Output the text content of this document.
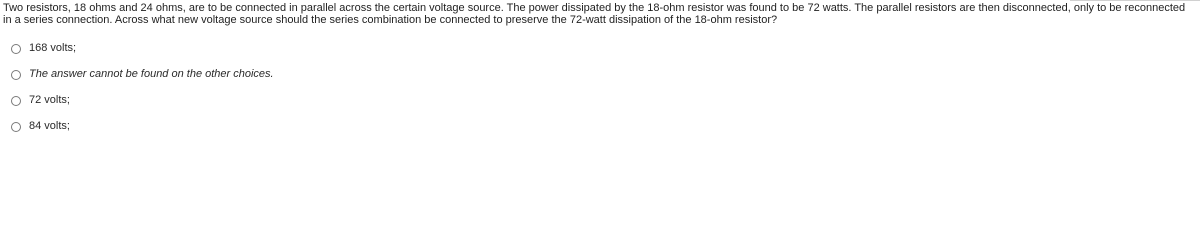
Two resistors, 18 ohms and 24 ohms, are to be connected in parallel across the certain voltage source. The power dissipated by the 18-ohm resistor was found to be 72 watts. The parallel resistors are then disconnected, only to be reconnected in a series connection. Across what new voltage source should the series combination be connected to preserve the 72-watt dissipation of the 18-ohm resistor?
168 volts;
The answer cannot be found on the other choices.
72 volts;
84 volts;
